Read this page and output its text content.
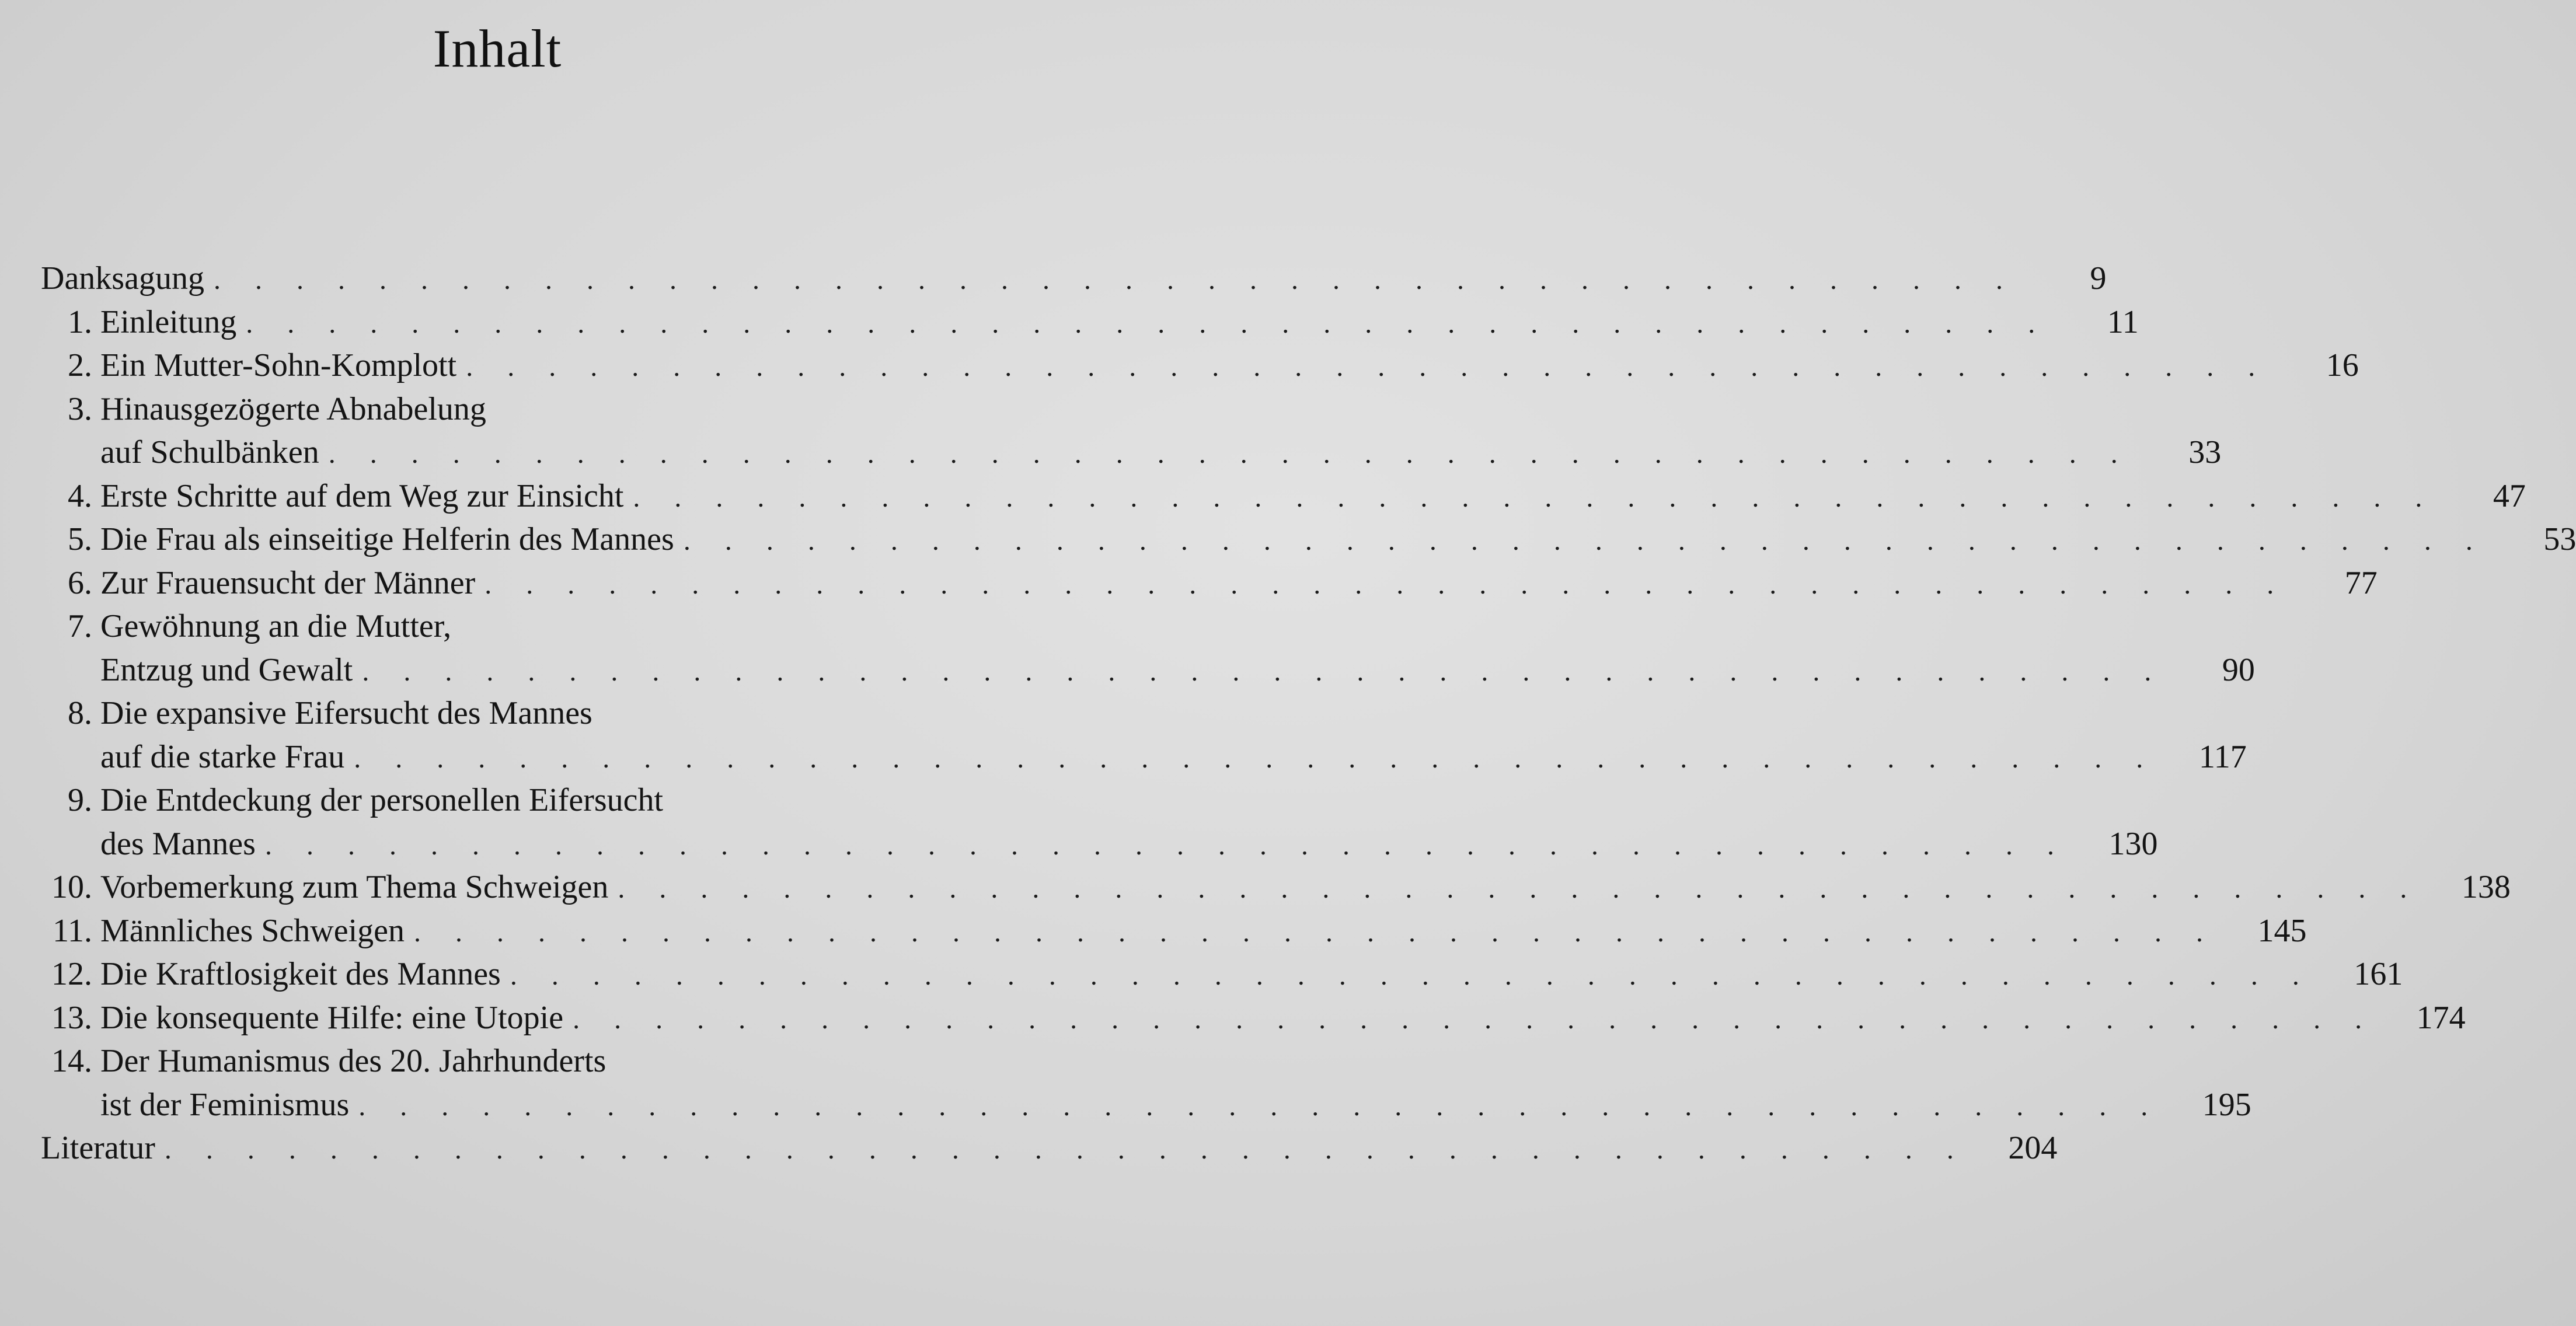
Inhalt
Danksagung . . . . . . . . . . . . . . . . . . . . . . . . . . . . . . . . . . . . . . . . . . . .	9
1. Einleitung . . . . . . . . . . . . . . . . . . . . . . . . . . . . . . . . . . . . . . . . . . . .	11
2. Ein Mutter-Sohn-Komplott . . . . . . . . . . . . . . . . . . . . . . . . . . . . . . . . . . . . . . . . . . . .	16
3. Hinausgezögerte Abnabelung
auf Schulbänken . . . . . . . . . . . . . . . . . . . . . . . . . . . . . . . . . . . . . . . . . . . .	33
4. Erste Schritte auf dem Weg zur Einsicht . . . . . . . . . . . . . . . . . . . . . . . . . . . . . . . . . . . . . . . . . . . .	47
5. Die Frau als einseitige Helferin des Mannes . . . . . . . . . . . . . . . . . . . . . . . . . . . . . . . . . . . . . . . . . . . .	53
6. Zur Frauensucht der Männer . . . . . . . . . . . . . . . . . . . . . . . . . . . . . . . . . . . . . . . . . . . .	77
7. Gewöhnung an die Mutter,
Entzug und Gewalt . . . . . . . . . . . . . . . . . . . . . . . . . . . . . . . . . . . . . . . . . . . .	90
8. Die expansive Eifersucht des Mannes
auf die starke Frau . . . . . . . . . . . . . . . . . . . . . . . . . . . . . . . . . . . . . . . . . . . .	117
9. Die Entdeckung der personellen Eifersucht
des Mannes . . . . . . . . . . . . . . . . . . . . . . . . . . . . . . . . . . . . . . . . . . . .	130
10. Vorbemerkung zum Thema Schweigen . . . . . . . . . . . . . . . . . . . . . . . . . . . . . . . . . . . . . . . . . . . .	138
11. Männliches Schweigen . . . . . . . . . . . . . . . . . . . . . . . . . . . . . . . . . . . . . . . . . . . .	145
12. Die Kraftlosigkeit des Mannes . . . . . . . . . . . . . . . . . . . . . . . . . . . . . . . . . . . . . . . . . . . .	161
13. Die konsequente Hilfe: eine Utopie . . . . . . . . . . . . . . . . . . . . . . . . . . . . . . . . . . . . . . . . . . . .	174
14. Der Humanismus des 20. Jahrhunderts
ist der Feminismus . . . . . . . . . . . . . . . . . . . . . . . . . . . . . . . . . . . . . . . . . . . .	195
Literatur . . . . . . . . . . . . . . . . . . . . . . . . . . . . . . . . . . . . . . . . . . . .	204
